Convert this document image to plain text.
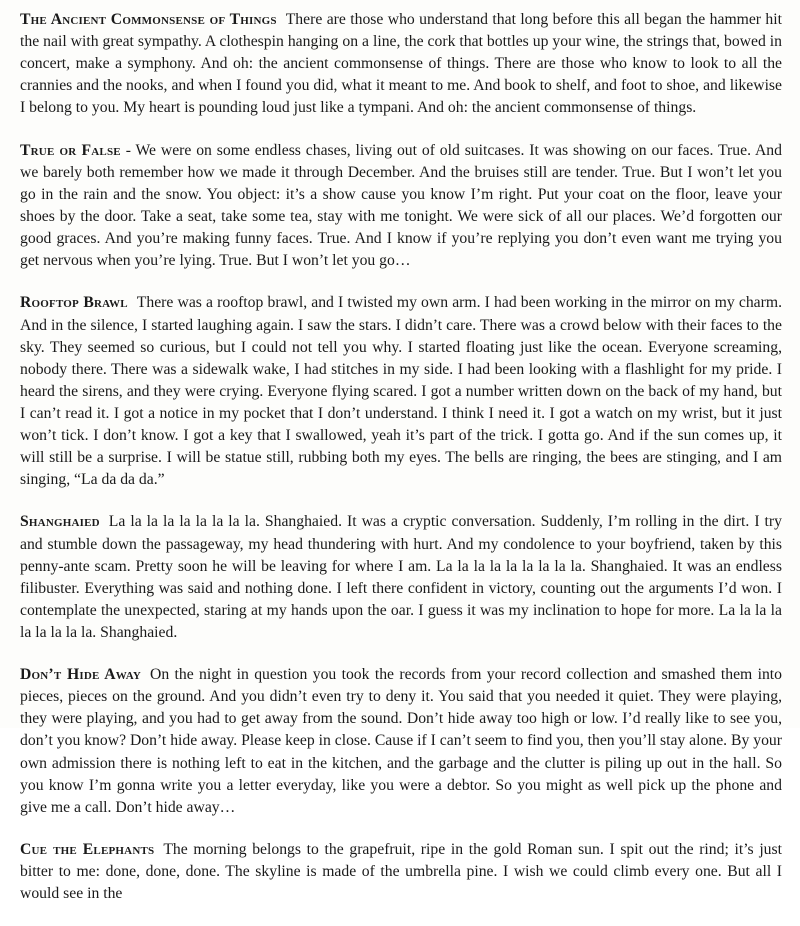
The Ancient Commonsense of Things There are those who understand that long before this all began the hammer hit the nail with great sympathy. A clothespin hanging on a line, the cork that bottles up your wine, the strings that, bowed in concert, make a symphony. And oh: the ancient commonsense of things. There are those who know to look to all the crannies and the nooks, and when I found you did, what it meant to me. And book to shelf, and foot to shoe, and likewise I belong to you. My heart is pounding loud just like a tympani. And oh: the ancient commonsense of things.

True or False - We were on some endless chases, living out of old suitcases. It was showing on our faces. True. And we barely both remember how we made it through December. And the bruises still are tender. True. But I won’t let you go in the rain and the snow. You object: it’s a show cause you know I’m right. Put your coat on the floor, leave your shoes by the door. Take a seat, take some tea, stay with me tonight. We were sick of all our places. We’d forgotten our good graces. And you’re making funny faces. True. And I know if you’re replying you don’t even want me trying you get nervous when you’re lying. True. But I won’t let you go…

Rooftop Brawl There was a rooftop brawl, and I twisted my own arm. I had been working in the mirror on my charm. And in the silence, I started laughing again. I saw the stars. I didn’t care. There was a crowd below with their faces to the sky. They seemed so curious, but I could not tell you why. I started floating just like the ocean. Everyone screaming, nobody there. There was a sidewalk wake, I had stitches in my side. I had been looking with a flashlight for my pride. I heard the sirens, and they were crying. Everyone flying scared. I got a number written down on the back of my hand, but I can’t read it. I got a notice in my pocket that I don’t understand. I think I need it. I got a watch on my wrist, but it just won’t tick. I don’t know. I got a key that I swallowed, yeah it’s part of the trick. I gotta go. And if the sun comes up, it will still be a surprise. I will be statue still, rubbing both my eyes. The bells are ringing, the bees are stinging, and I am singing, “La da da da.”

Shanghaied La la la la la la la la la. Shanghaied. It was a cryptic conversation. Suddenly, I’m rolling in the dirt. I try and stumble down the passageway, my head thundering with hurt. And my condolence to your boyfriend, taken by this penny-ante scam. Pretty soon he will be leaving for where I am. La la la la la la la la la. Shanghaied. It was an endless filibuster. Everything was said and nothing done. I left there confident in victory, counting out the arguments I’d won. I contemplate the unexpected, staring at my hands upon the oar. I guess it was my inclination to hope for more. La la la la la la la la la. Shanghaied.

Don’t Hide Away On the night in question you took the records from your record collection and smashed them into pieces, pieces on the ground. And you didn’t even try to deny it. You said that you needed it quiet. They were playing, they were playing, and you had to get away from the sound. Don’t hide away too high or low. I’d really like to see you, don’t you know? Don’t hide away. Please keep in close. Cause if I can’t seem to find you, then you’ll stay alone. By your own admission there is nothing left to eat in the kitchen, and the garbage and the clutter is piling up out in the hall. So you know I’m gonna write you a letter everyday, like you were a debtor. So you might as well pick up the phone and give me a call. Don’t hide away…

Cue the Elephants The morning belongs to the grapefruit, ripe in the gold Roman sun. I spit out the rind; it’s just bitter to me: done, done, done. The skyline is made of the umbrella pine. I wish we could climb every one. But all I would see in the
